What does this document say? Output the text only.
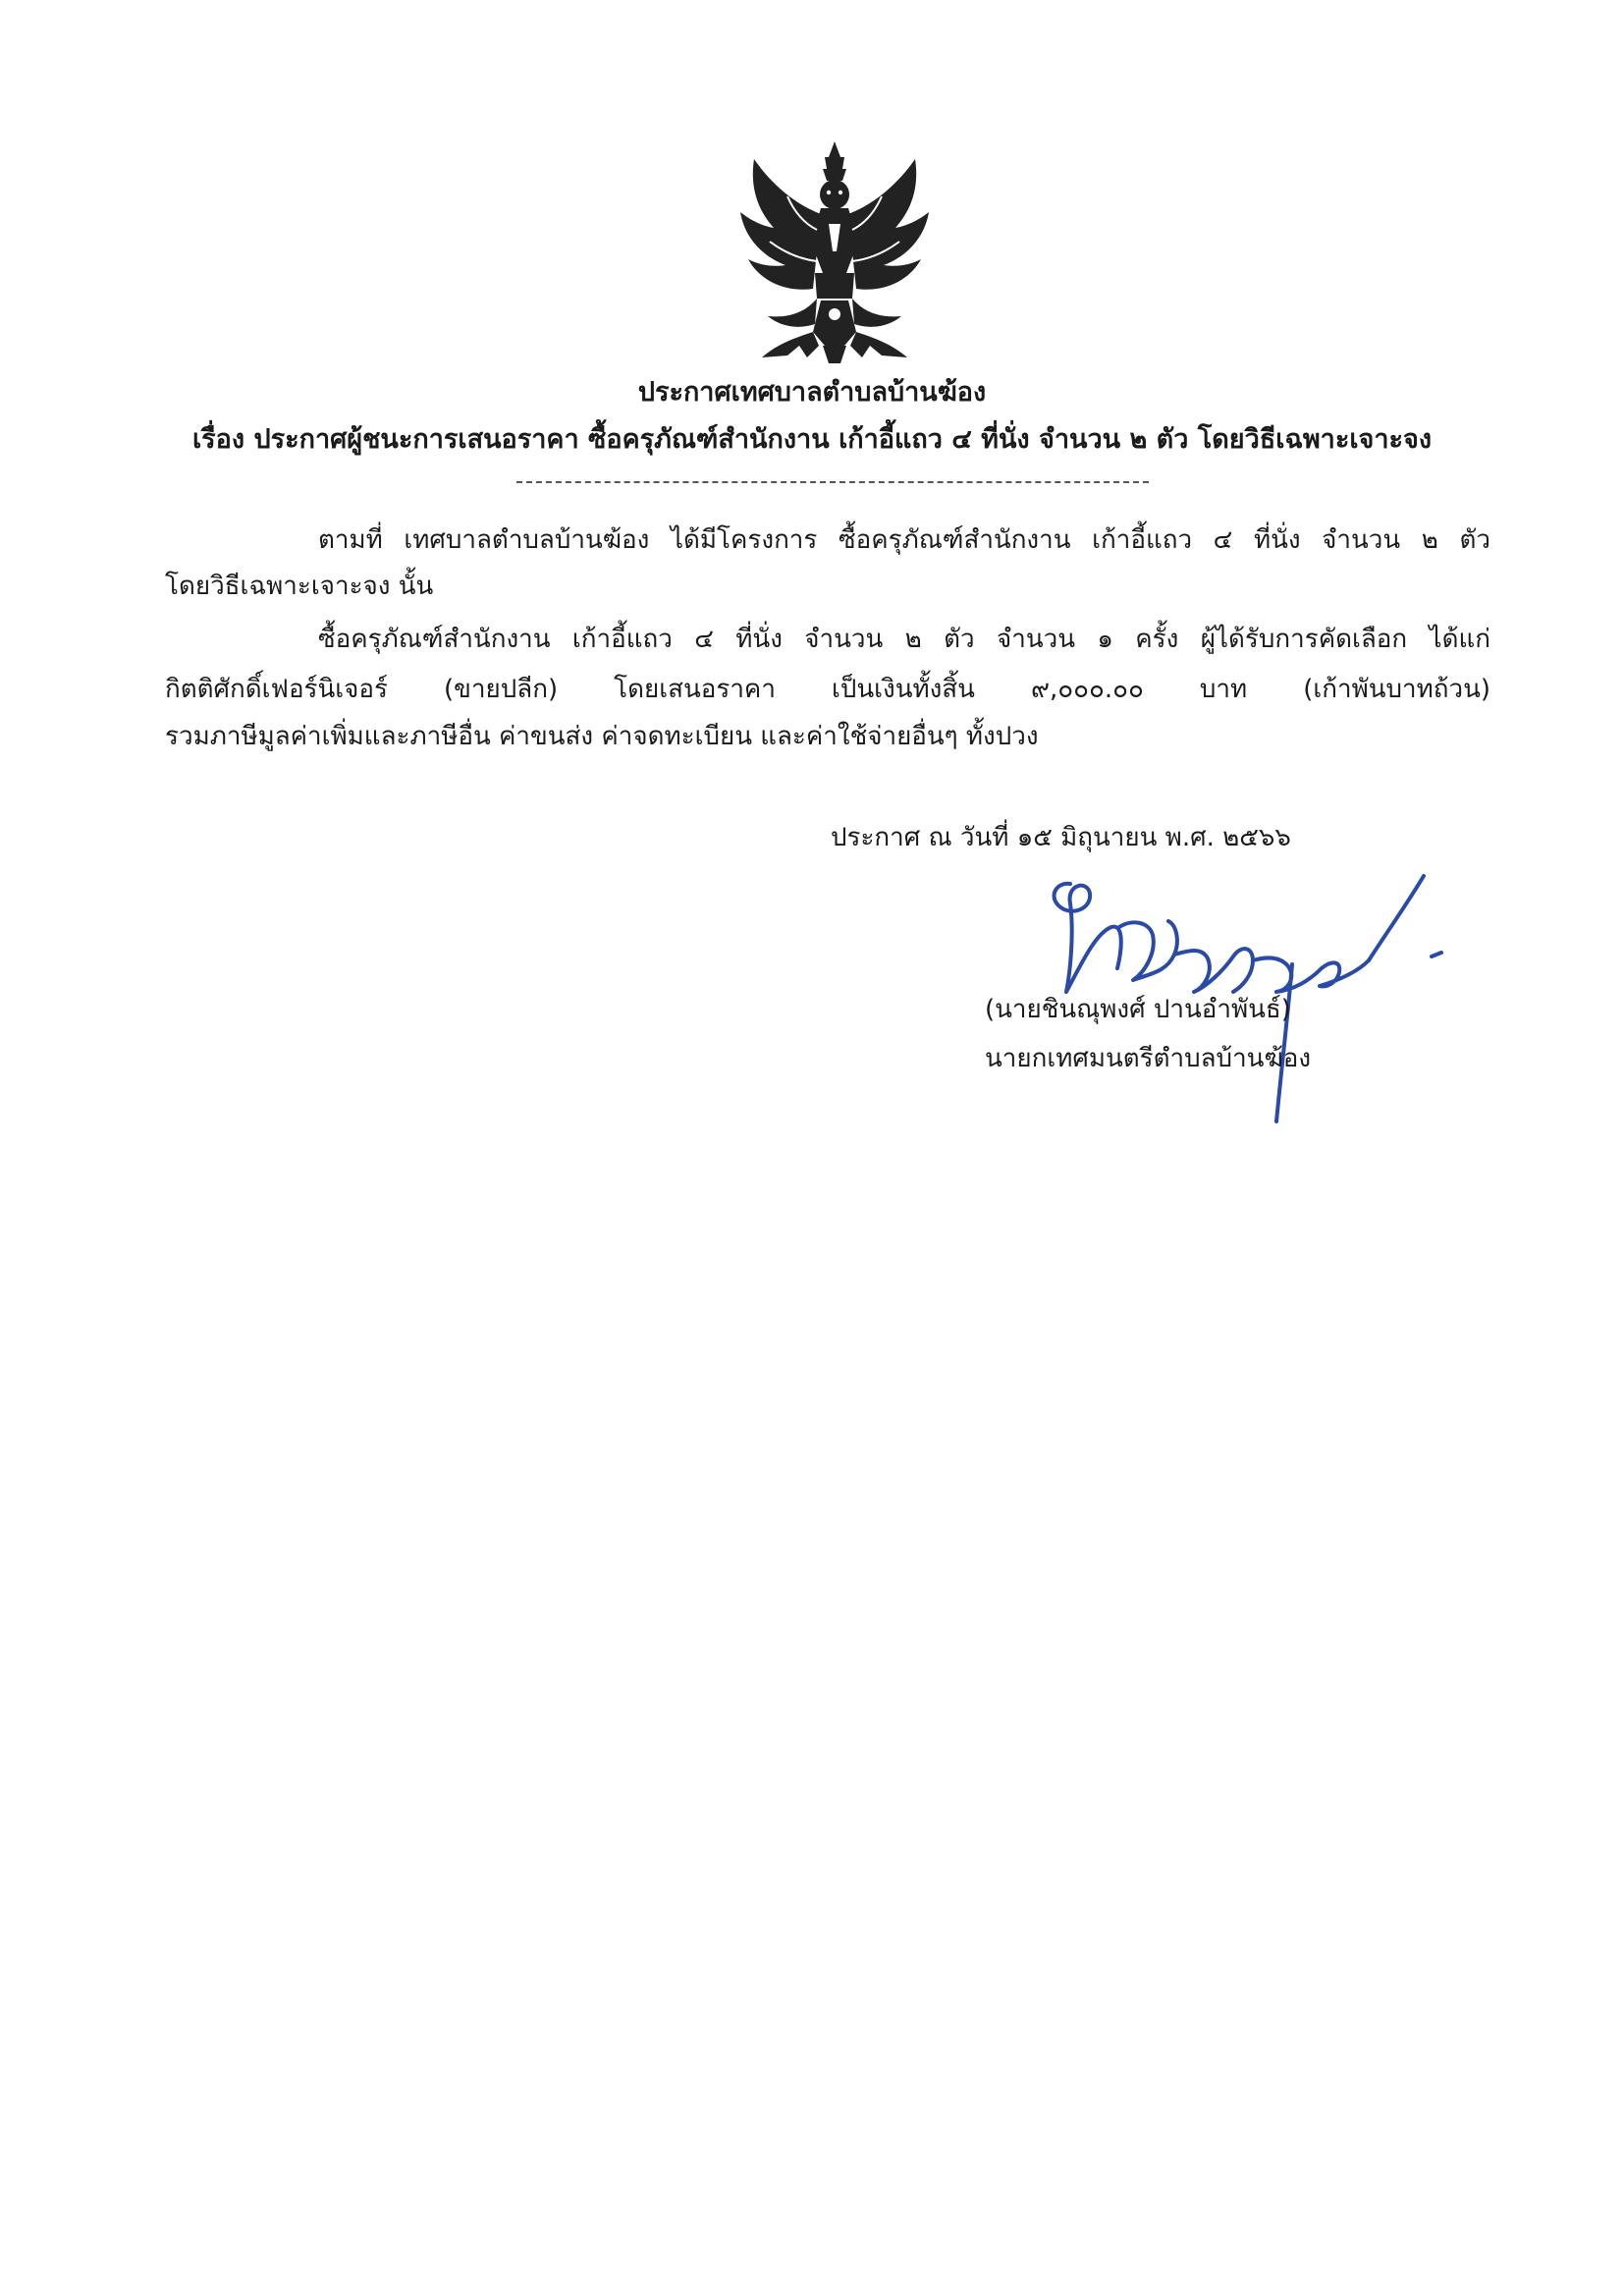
ประกาศเทศบาลตำบลบ้านฆ้อง
เรื่อง ประกาศผู้ชนะการเสนอราคา ซื้อครุภัณฑ์สำนักงาน เก้าอี้แถว ๔ ที่นั่ง จำนวน ๒ ตัว โดยวิธีเฉพาะเจาะจง
ตามที่ เทศบาลตำบลบ้านฆ้อง ได้มีโครงการ ซื้อครุภัณฑ์สำนักงาน เก้าอี้แถว ๔ ที่นั่ง จำนวน ๒ ตัว
โดยวิธีเฉพาะเจาะจง นั้น
ซื้อครุภัณฑ์สำนักงาน เก้าอี้แถว ๔ ที่นั่ง จำนวน ๒ ตัว จำนวน ๑ ครั้ง ผู้ได้รับการคัดเลือก ได้แก่
กิตติศักดิ์เฟอร์นิเจอร์ (ขายปลีก) โดยเสนอราคา เป็นเงินทั้งสิ้น ๙,๐๐๐.๐๐ บาท (เก้าพันบาทถ้วน)
รวมภาษีมูลค่าเพิ่มและภาษีอื่น ค่าขนส่ง ค่าจดทะเบียน และค่าใช้จ่ายอื่นๆ ทั้งปวง
ประกาศ ณ วันที่ ๑๕ มิถุนายน พ.ศ. ๒๕๖๖
(นายชินณุพงศ์ ปานอำพันธ์)
นายกเทศมนตรีตำบลบ้านฆ้อง
